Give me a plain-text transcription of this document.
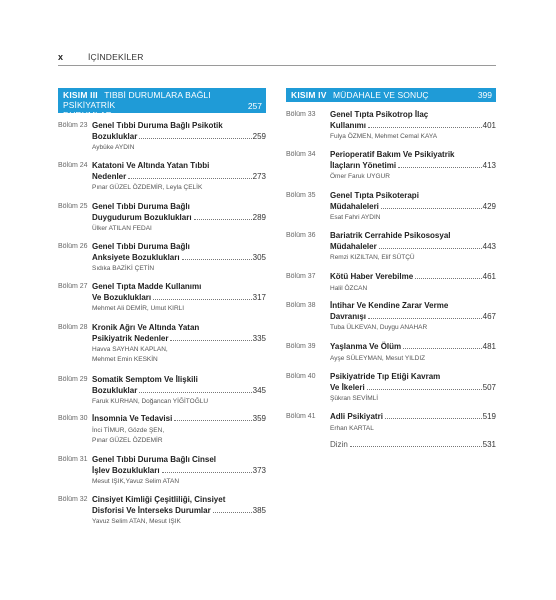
x	İÇİNDEKİLER
KISIM III TIBBİ DURUMLARA BAĞLI PSİKİYATRİK
DURUMLAR
257
Bölüm 23 Genel Tıbbi Duruma Bağlı Psikotik
Bozukluklar	259
Aybüke AYDIN
Bölüm 24 Katatoni Ve Altında Yatan Tıbbi
Nedenler	273
Pınar GÜZEL ÖZDEMİR, Leyla ÇELİK
Bölüm 25 Genel Tıbbi Duruma Bağlı
Duygudurum Bozuklukları	289
Ülker ATILAN FEDAI
Bölüm 26 Genel Tıbbi Duruma Bağlı
Anksiyete Bozuklukları	305
Sıdıka BAZİKİ ÇETİN
Bölüm 27 Genel Tıpta Madde Kullanımı
Ve Bozuklukları	317
Mehmet Ali DEMİR, Umut KIRLI
Bölüm 28 Kronik Ağrı Ve Altında Yatan
Psikiyatrik Nedenler	335
Havva SAYHAN KAPLAN,
Mehmet Emin KESKİN
Bölüm 29 Somatik Semptom Ve İlişkili
Bozukluklar	345
Faruk KURHAN, Doğancan YİĞİTOĞLU
Bölüm 30 İnsomnia Ve Tedavisi	359
İnci TİMUR, Gözde ŞEN,
Pınar GÜZEL ÖZDEMİR
Bölüm 31 Genel Tıbbi Duruma Bağlı Cinsel
İşlev Bozuklukları	373
Mesut IŞIK,Yavuz Selim ATAN
Bölüm 32 Cinsiyet Kimliği Çeşitliliği, Cinsiyet
Disforisi Ve İnterseks Durumlar	385
Yavuz Selim ATAN, Mesut IŞIK
KISIM IV MÜDAHALE VE SONUÇ	399
Bölüm 33 Genel Tıpta Psikotrop İlaç
Kullanımı	401
Fulya ÖZMEN, Mehmet Cemal KAYA
Bölüm 34 Perioperatif Bakım Ve Psikiyatrik
İlaçların Yönetimi	413
Ömer Faruk UYGUR
Bölüm 35 Genel Tıpta Psikoterapi
Müdahaleleri	429
Esat Fahri AYDIN
Bölüm 36 Bariatrik Cerrahide Psikososyal
Müdahaleler	443
Remzi KIZILTAN, Elif SÜTÇÜ
Bölüm 37 Kötü Haber Verebilme	461
Halil ÖZCAN
Bölüm 38 İntihar Ve Kendine Zarar Verme
Davranışı	467
Tuba ÜLKEVAN, Duygu ANAHAR
Bölüm 39 Yaşlanma Ve Ölüm	481
Ayşe SÜLEYMAN, Mesut YILDIZ
Bölüm 40 Psikiyatride Tıp Etiği Kavram
Ve İkeleri	507
Şükran SEVİMLİ
Bölüm 41 Adli Psikiyatri	519
Erhan KARTAL
Dizin	531
